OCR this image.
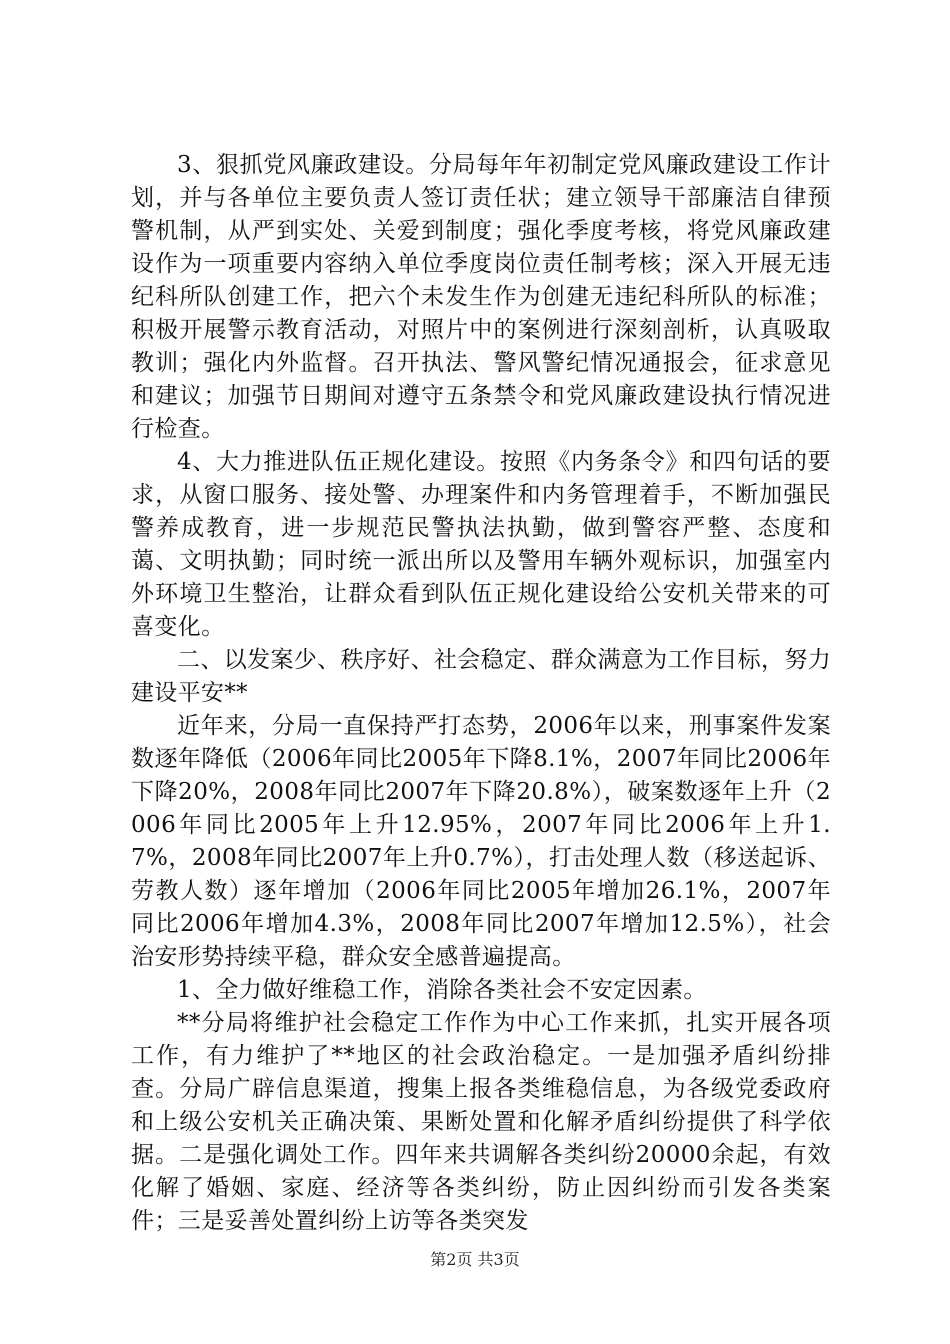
3、狠抓党风廉政建设。分局每年年初制定党风廉政建设工作计划，并与各单位主要负责人签订责任状；建立领导干部廉洁自律预警机制，从严到实处、关爱到制度；强化季度考核，将党风廉政建设作为一项重要内容纳入单位季度岗位责任制考核；深入开展无违纪科所队创建工作，把六个未发生作为创建无违纪科所队的标准；积极开展警示教育活动，对照片中的案例进行深刻剖析，认真吸取教训；强化内外监督。召开执法、警风警纪情况通报会，征求意见和建议；加强节日期间对遵守五条禁令和党风廉政建设执行情况进行检查。

4、大力推进队伍正规化建设。按照《内务条令》和四句话的要求，从窗口服务、接处警、办理案件和内务管理着手，不断加强民警养成教育，进一步规范民警执法执勤，做到警容严整、态度和蔼、文明执勤；同时统一派出所以及警用车辆外观标识，加强室内外环境卫生整治，让群众看到队伍正规化建设给公安机关带来的可喜变化。

二、以发案少、秩序好、社会稳定、群众满意为工作目标，努力建设平安**

近年来，分局一直保持严打态势，2006年以来，刑事案件发案数逐年降低（2006年同比2005年下降8.1%，2007年同比2006年下降20%，2008年同比2007年下降20.8%），破案数逐年上升（2006年同比2005年上升12.95%，2007年同比2006年上升1.7%，2008年同比2007年上升0.7%），打击处理人数（移送起诉、劳教人数）逐年增加（2006年同比2005年增加26.1%，2007年同比2006年增加4.3%，2008年同比2007年增加12.5%），社会治安形势持续平稳，群众安全感普遍提高。

1、全力做好维稳工作，消除各类社会不安定因素。

**分局将维护社会稳定工作作为中心工作来抓，扎实开展各项工作，有力维护了**地区的社会政治稳定。一是加强矛盾纠纷排查。分局广辟信息渠道，搜集上报各类维稳信息，为各级党委政府和上级公安机关正确决策、果断处置和化解矛盾纠纷提供了科学依据。二是强化调处工作。四年来共调解各类纠纷20000余起，有效化解了婚姻、家庭、经济等各类纠纷，防止因纠纷而引发各类案件；三是妥善处置纠纷上访等各类突发

第2页 共3页
